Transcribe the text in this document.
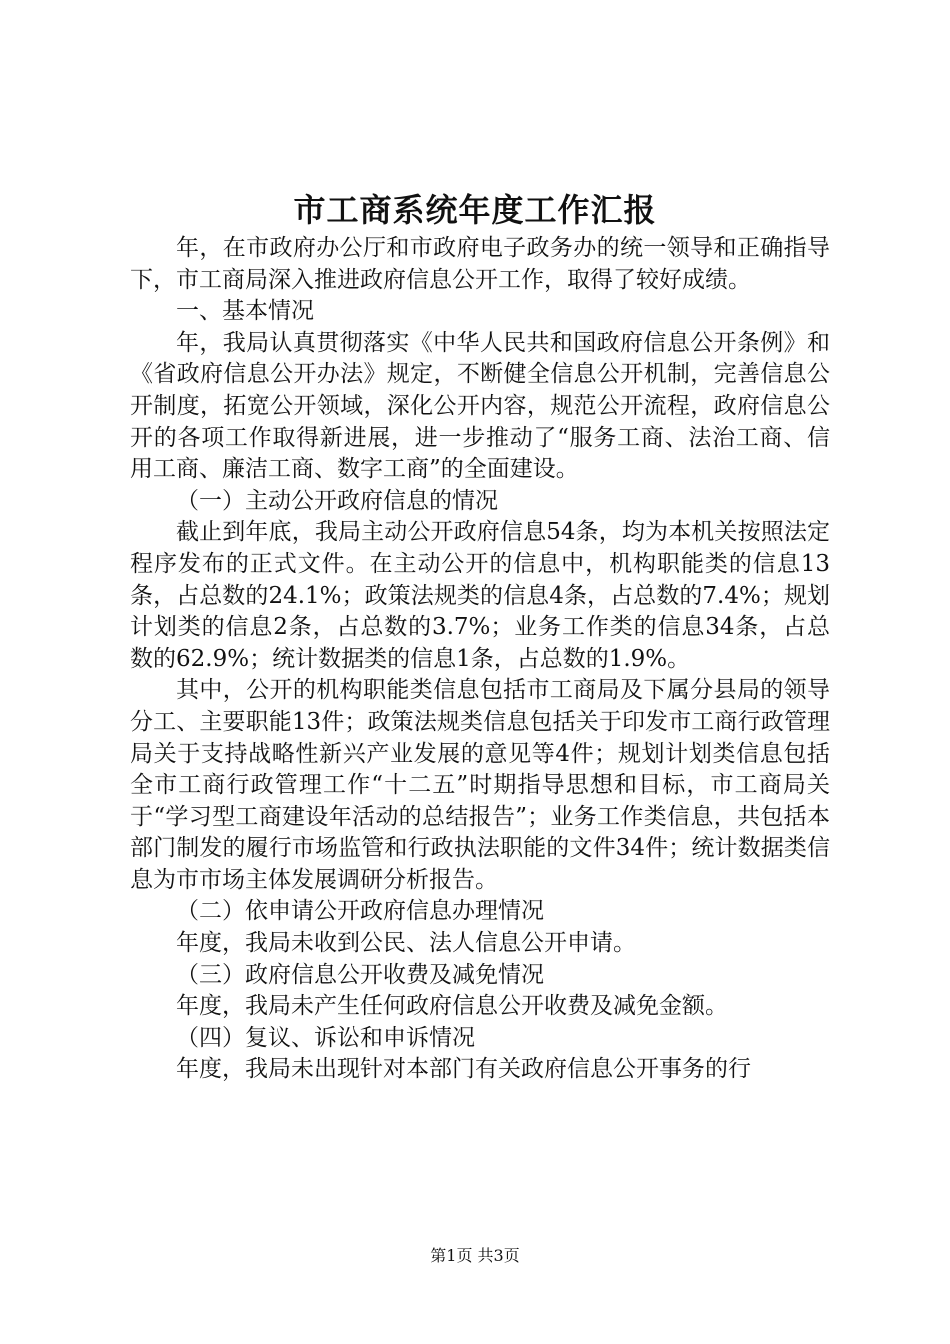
市工商系统年度工作汇报

年，在市政府办公厅和市政府电子政务办的统一领导和正确指导下，市工商局深入推进政府信息公开工作，取得了较好成绩。

一、基本情况

年，我局认真贯彻落实《中华人民共和国政府信息公开条例》和《省政府信息公开办法》规定，不断健全信息公开机制，完善信息公开制度，拓宽公开领域，深化公开内容，规范公开流程，政府信息公开的各项工作取得新进展，进一步推动了“服务工商、法治工商、信用工商、廉洁工商、数字工商”的全面建设。

（一）主动公开政府信息的情况

截止到年底，我局主动公开政府信息54条，均为本机关按照法定程序发布的正式文件。在主动公开的信息中，机构职能类的信息13条，占总数的24.1%；政策法规类的信息4条，占总数的7.4%；规划计划类的信息2条，占总数的3.7%；业务工作类的信息34条，占总数的62.9%；统计数据类的信息1条，占总数的1.9%。

其中，公开的机构职能类信息包括市工商局及下属分县局的领导分工、主要职能13件；政策法规类信息包括关于印发市工商行政管理局关于支持战略性新兴产业发展的意见等4件；规划计划类信息包括全市工商行政管理工作“十二五”时期指导思想和目标，市工商局关于“学习型工商建设年活动的总结报告”；业务工作类信息，共包括本部门制发的履行市场监管和行政执法职能的文件34件；统计数据类信息为市市场主体发展调研分析报告。

（二）依申请公开政府信息办理情况

年度，我局未收到公民、法人信息公开申请。

（三）政府信息公开收费及减免情况

年度，我局未产生任何政府信息公开收费及减免金额。

（四）复议、诉讼和申诉情况

年度，我局未出现针对本部门有关政府信息公开事务的行

第1页 共3页
